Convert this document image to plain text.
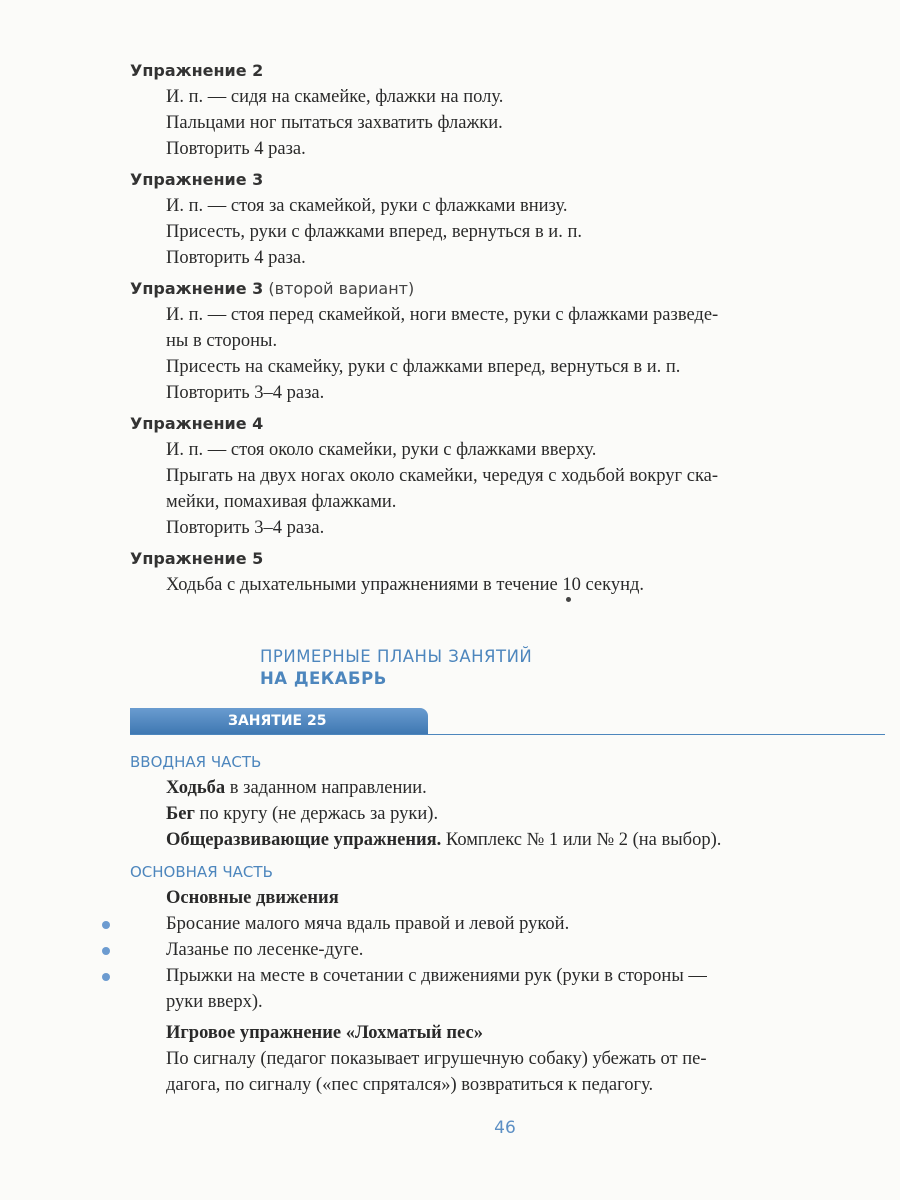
Упражнение 2
И. п. — сидя на скамейке, флажки на полу.
Пальцами ног пытаться захватить флажки.
Повторить 4 раза.
Упражнение 3
И. п. — стоя за скамейкой, руки с флажками внизу.
Присесть, руки с флажками вперед, вернуться в и. п.
Повторить 4 раза.
Упражнение 3 (второй вариант)
И. п. — стоя перед скамейкой, ноги вместе, руки с флажками разведе-
ны в стороны.
Присесть на скамейку, руки с флажками вперед, вернуться в и. п.
Повторить 3–4 раза.
Упражнение 4
И. п. — стоя около скамейки, руки с флажками вверху.
Прыгать на двух ногах около скамейки, чередуя с ходьбой вокруг ска-
мейки, помахивая флажками.
Повторить 3–4 раза.
Упражнение 5
Ходьба с дыхательными упражнениями в течение 10 секунд.
ПРИМЕРНЫЕ ПЛАНЫ ЗАНЯТИЙ
НА ДЕКАБРЬ
ЗАНЯТИЕ 25
ВВОДНАЯ ЧАСТЬ
Ходьба в заданном направлении.
Бег по кругу (не держась за руки).
Общеразвивающие упражнения. Комплекс № 1 или № 2 (на выбор).
ОСНОВНАЯ ЧАСТЬ
Основные движения
Бросание малого мяча вдаль правой и левой рукой.
Лазанье по лесенке-дуге.
Прыжки на месте в сочетании с движениями рук (руки в стороны —
руки вверх).
Игровое упражнение «Лохматый пес»
По сигналу (педагог показывает игрушечную собаку) убежать от пе-
дагога, по сигналу («пес спрятался») возвратиться к педагогу.
46
